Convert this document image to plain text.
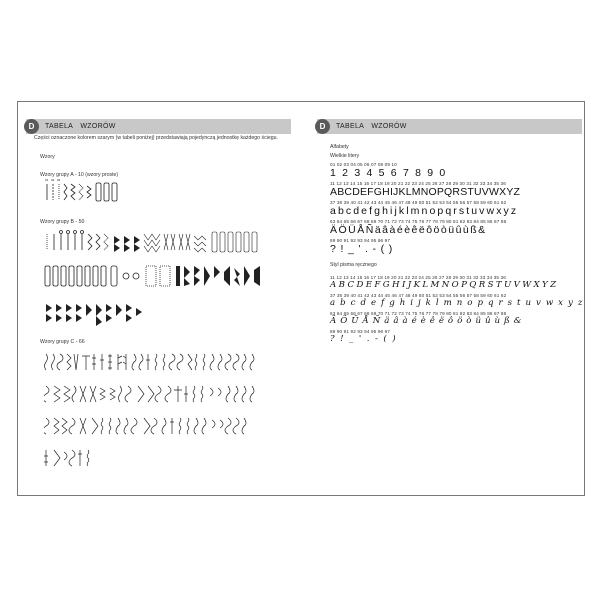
D	TABELA WZORÓW
Części oznaczone kolorem szarym (w tabeli poniżej) przedstawiają pojedynczą jednostkę każdego ściegu.
Wzory
Wzory grupy A - 10 (wzory proste)
01 02 03
Wzory grupy B - 50
Wzory grupy C - 66
D	TABELA WZORÓW
Alfabety
Wielkie litery
01 02 03 04 05 06 07 08 09 10
1 2 3 4 5 6 7 8 9 0
11 12 13 14 15 16 17 18 19 20 21 22 23 24 25 26 27 28 29 30 31 32 33 34 35 36
ABCDEFGHIJKLMNOPQRSTUVWXYZ
37 38 39 40 41 42 43 44 45 46 47 48 49 50 51 52 53 54 55 56 57 58 59 60 61 62
abcdefghijklmnopqrstuvwxyz
63 64 65 66 67 68 69 70 71 72 73 74 75 76 77 78 79 80 81 82 83 84 85 86 87 88
ÄÖÜÅÑäâàéèêëôöòüûùß&
89 90 91 92 93 94 95 96 97
?!_'.-()
Styl pisma ręcznego
11 12 13 14 15 16 17 18 19 20 21 22 23 24 25 26 27 28 29 30 31 32 33 34 35 36
ABCDEFGHIJKLMNOPQRSTUVWXYZ
37 38 39 40 41 42 43 44 45 46 47 48 49 50 51 52 53 54 55 56 57 58 59 60 61 62
abcdefghijklmnopqrstuvwxyz
63 64 65 66 67 68 69 70 71 72 73 74 75 76 77 78 79 80 81 82 83 84 85 86 87 88
ÄÖÜÅÑäâàéèêëôöòüûùß&
89 90 91 92 93 94 95 96 97
?!_'.-()
